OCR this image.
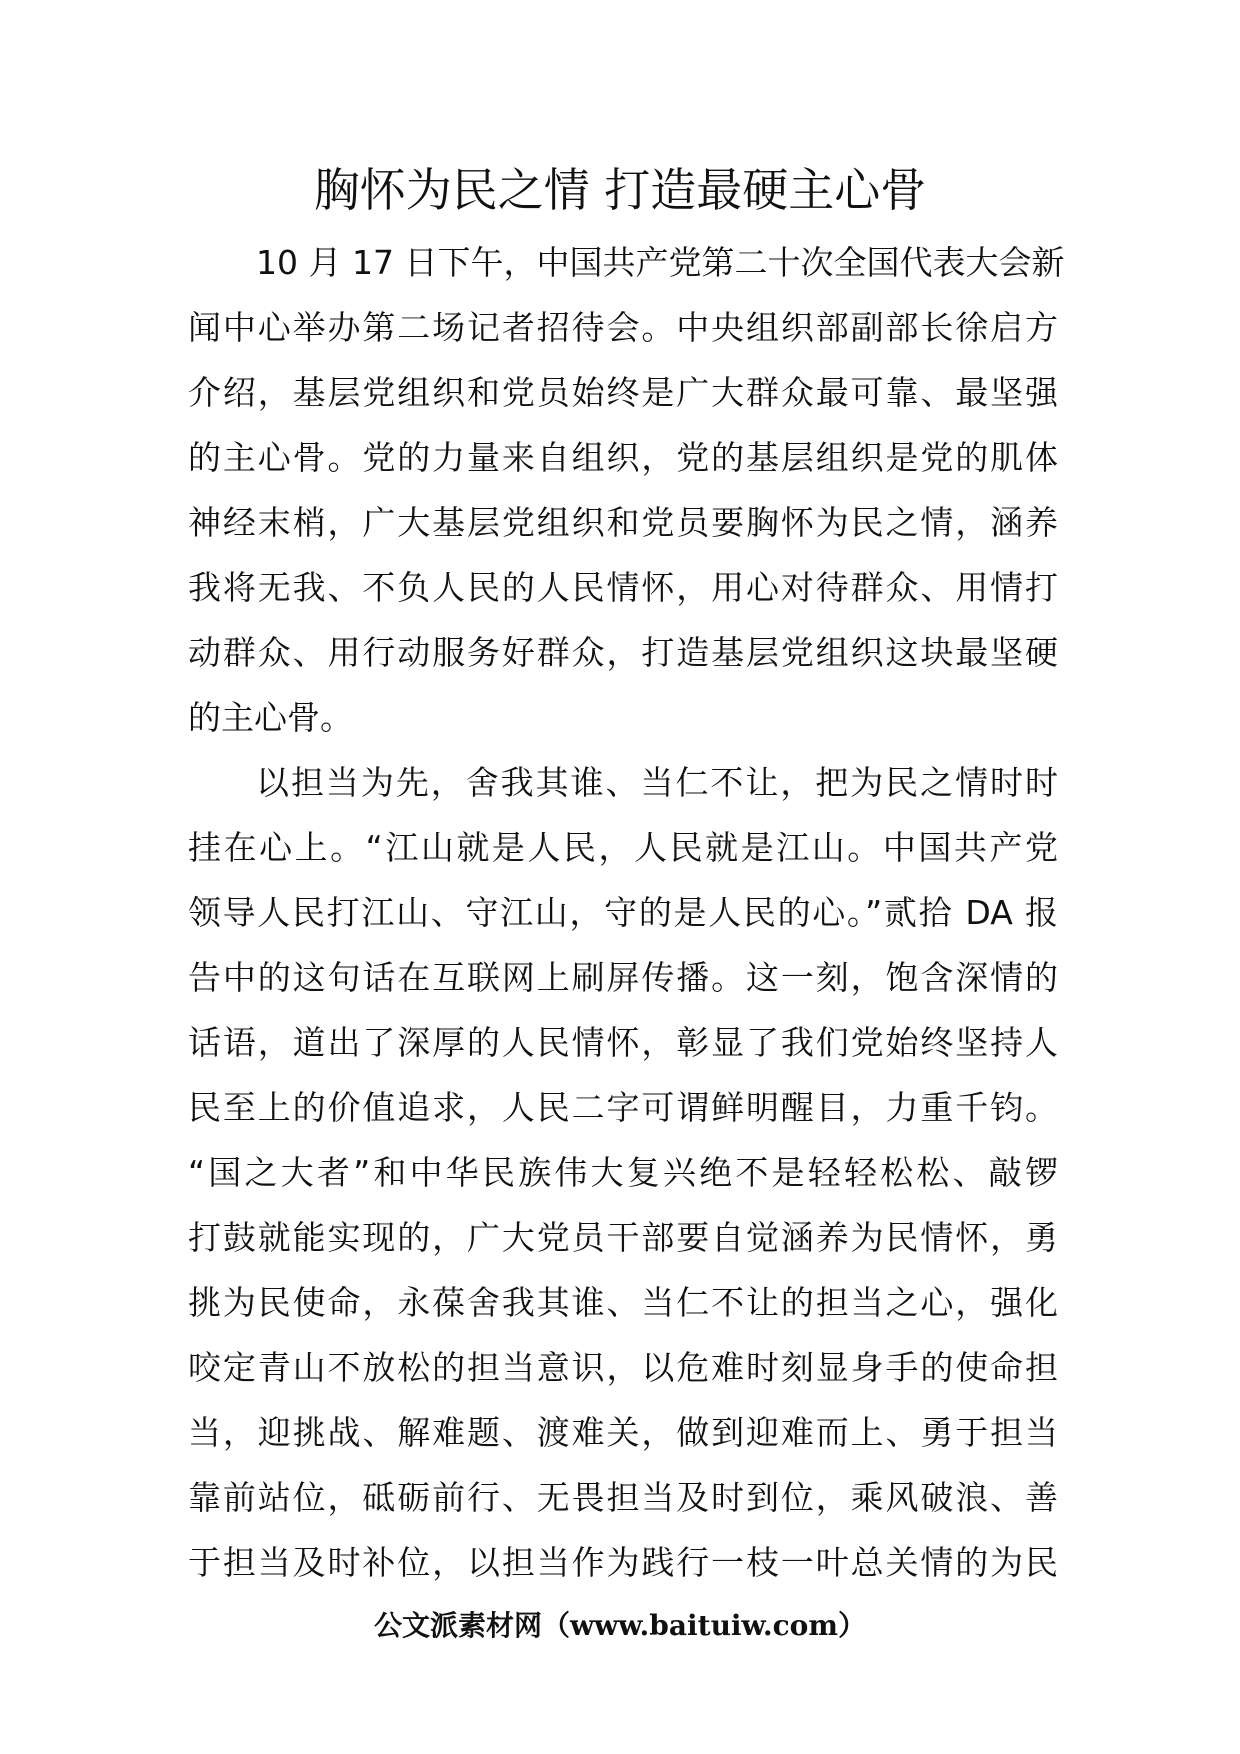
胸怀为民之情 打造最硬主心骨
10 月 17 日下午，中国共产党第二十次全国代表大会新
闻中心举办第二场记者招待会。中央组织部副部长徐启方
介绍，基层党组织和党员始终是广大群众最可靠、最坚强
的主心骨。党的力量来自组织，党的基层组织是党的肌体
神经末梢，广大基层党组织和党员要胸怀为民之情，涵养
我将无我、不负人民的人民情怀，用心对待群众、用情打
动群众、用行动服务好群众，打造基层党组织这块最坚硬
的主心骨。
以担当为先，舍我其谁、当仁不让，把为民之情时时
挂在心上。“江山就是人民，人民就是江山。中国共产党
领导人民打江山、守江山，守的是人民的心。”贰拾 DA 报
告中的这句话在互联网上刷屏传播。这一刻，饱含深情的
话语，道出了深厚的人民情怀，彰显了我们党始终坚持人
民至上的价值追求，人民二字可谓鲜明醒目，力重千钧。
“国之大者”和中华民族伟大复兴绝不是轻轻松松、敲锣
打鼓就能实现的，广大党员干部要自觉涵养为民情怀，勇
挑为民使命，永葆舍我其谁、当仁不让的担当之心，强化
咬定青山不放松的担当意识，以危难时刻显身手的使命担
当，迎挑战、解难题、渡难关，做到迎难而上、勇于担当
靠前站位，砥砺前行、无畏担当及时到位，乘风破浪、善
于担当及时补位，以担当作为践行一枝一叶总关情的为民
公文派素材网（www.baituiw.com）
